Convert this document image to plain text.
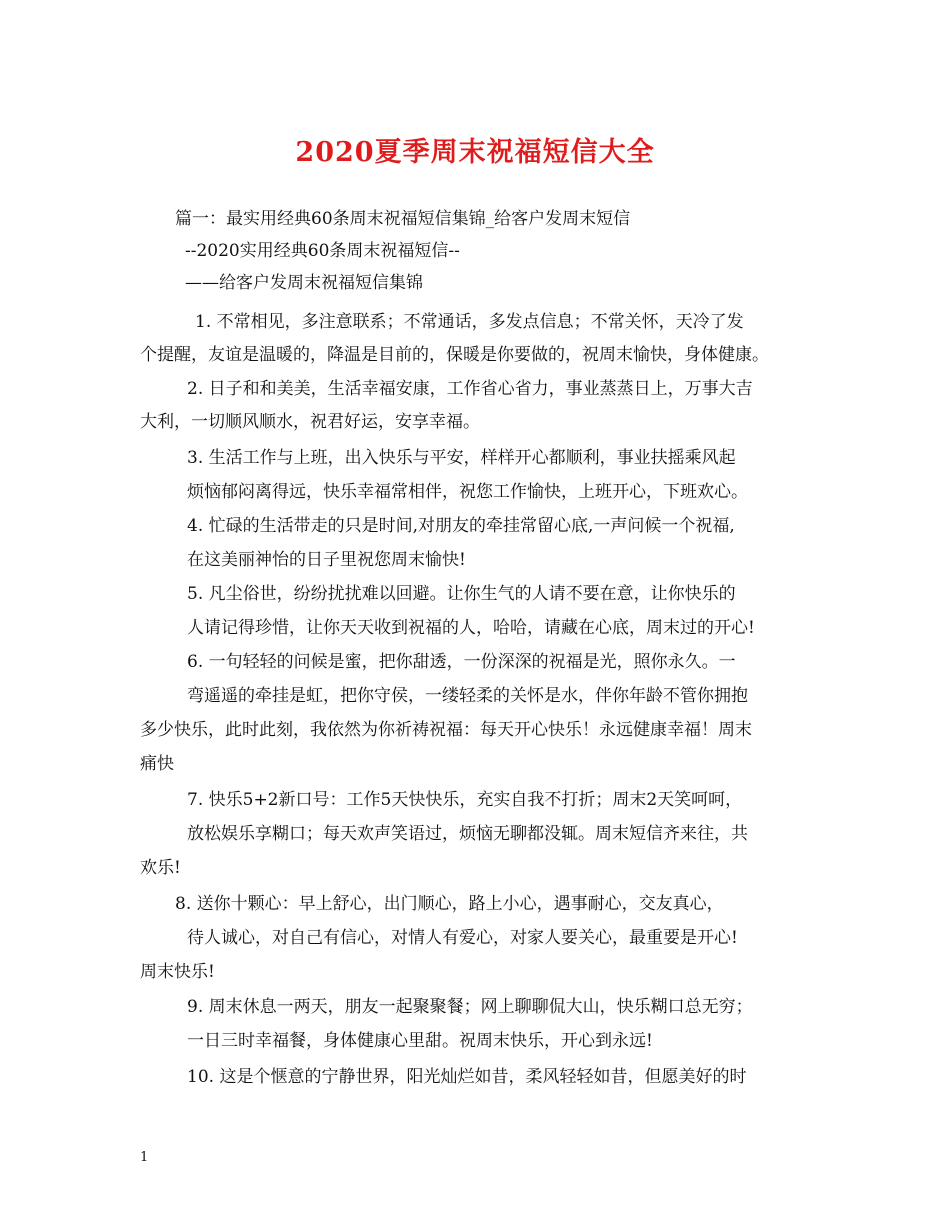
2020夏季周末祝福短信大全
篇一：最实用经典60条周末祝福短信集锦_给客户发周末短信
--2020实用经典60条周末祝福短信--
——给客户发周末祝福短信集锦
1. 不常相见，多注意联系；不常通话，多发点信息；不常关怀，天冷了发
个提醒，友谊是温暖的，降温是目前的，保暖是你要做的，祝周末愉快，身体健康。
2. 日子和和美美，生活幸福安康，工作省心省力，事业蒸蒸日上，万事大吉
大利，一切顺风顺水，祝君好运，安享幸福。
3. 生活工作与上班，出入快乐与平安，样样开心都顺利，事业扶摇乘风起
烦恼郁闷离得远，快乐幸福常相伴，祝您工作愉快，上班开心，下班欢心。
4. 忙碌的生活带走的只是时间,对朋友的牵挂常留心底,一声问候一个祝福,
在这美丽神怡的日子里祝您周末愉快!
5. 凡尘俗世，纷纷扰扰难以回避。让你生气的人请不要在意，让你快乐的
人请记得珍惜，让你天天收到祝福的人，哈哈，请藏在心底，周末过的开心!
6. 一句轻轻的问候是蜜，把你甜透，一份深深的祝福是光，照你永久。一
弯遥遥的牵挂是虹，把你守侯，一缕轻柔的关怀是水，伴你年龄不管你拥抱
多少快乐，此时此刻，我依然为你祈祷祝福：每天开心快乐！永远健康幸福！周末
痛快
7. 快乐5+2新口号：工作5天快快乐，充实自我不打折；周末2天笑呵呵，
放松娱乐享糊口；每天欢声笑语过，烦恼无聊都没辄。周末短信齐来往，共
欢乐!
8. 送你十颗心：早上舒心，出门顺心，路上小心，遇事耐心，交友真心，
待人诚心，对自己有信心，对情人有爱心，对家人要关心，最重要是开心!
周末快乐!
9. 周末休息一两天，朋友一起聚聚餐；网上聊聊侃大山，快乐糊口总无穷；
一日三时幸福餐，身体健康心里甜。祝周末快乐，开心到永远!
10. 这是个惬意的宁静世界，阳光灿烂如昔，柔风轻轻如昔，但愿美好的时
1
